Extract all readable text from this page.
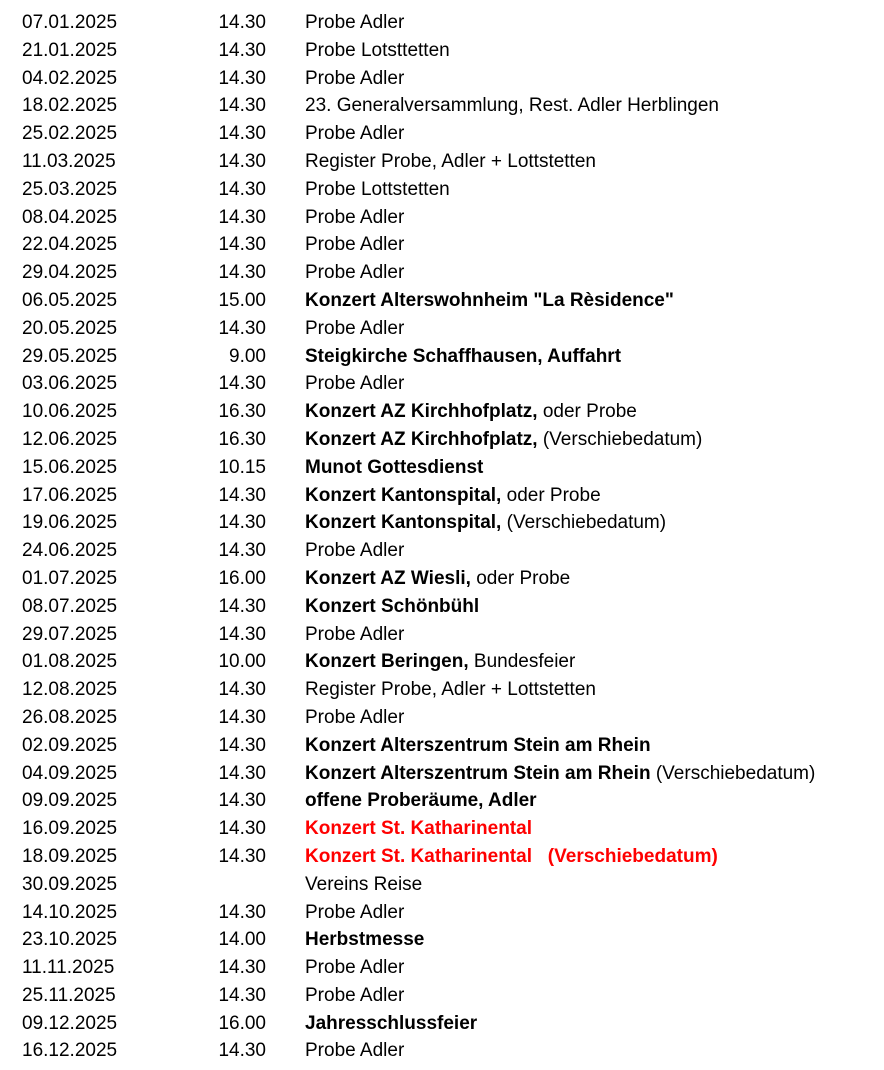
07.01.2025	14.30 Probe Adler
21.01.2025	14.30 Probe Lotsttetten
04.02.2025	14.30 Probe Adler
18.02.2025	14.30 23. Generalversammlung, Rest. Adler Herblingen
25.02.2025	14.30 Probe Adler
11.03.2025	14.30 Register Probe, Adler + Lottstetten
25.03.2025	14.30 Probe Lottstetten
08.04.2025	14.30 Probe Adler
22.04.2025	14.30 Probe Adler
29.04.2025	14.30 Probe Adler
06.05.2025	15.00 Konzert Alterswohnheim "La Rèsidence"
20.05.2025	14.30 Probe Adler
29.05.2025	9.00 Steigkirche Schaffhausen, Auffahrt
03.06.2025	14.30 Probe Adler
10.06.2025	16.30 Konzert AZ Kirchhofplatz, oder Probe
12.06.2025	16.30 Konzert AZ Kirchhofplatz, (Verschiebedatum)
15.06.2025	10.15 Munot Gottesdienst
17.06.2025	14.30 Konzert Kantonspital, oder Probe
19.06.2025	14.30 Konzert Kantonspital, (Verschiebedatum)
24.06.2025	14.30 Probe Adler
01.07.2025	16.00 Konzert AZ Wiesli, oder Probe
08.07.2025	14.30 Konzert Schönbühl
29.07.2025	14.30 Probe Adler
01.08.2025	10.00 Konzert Beringen, Bundesfeier
12.08.2025	14.30 Register Probe, Adler + Lottstetten
26.08.2025	14.30 Probe Adler
02.09.2025	14.30 Konzert Alterszentrum Stein am Rhein
04.09.2025	14.30 Konzert Alterszentrum Stein am Rhein (Verschiebedatum)
09.09.2025	14.30 offene Proberäume, Adler
16.09.2025	14.30 Konzert St. Katharinental
18.09.2025	14.30 Konzert St. Katharinental   (Verschiebedatum)
30.09.2025	Vereins Reise
14.10.2025	14.30 Probe Adler
23.10.2025	14.00 Herbstmesse
11.11.2025	14.30 Probe Adler
25.11.2025	14.30 Probe Adler
09.12.2025	16.00 Jahresschlussfeier
16.12.2025	14.30 Probe Adler
